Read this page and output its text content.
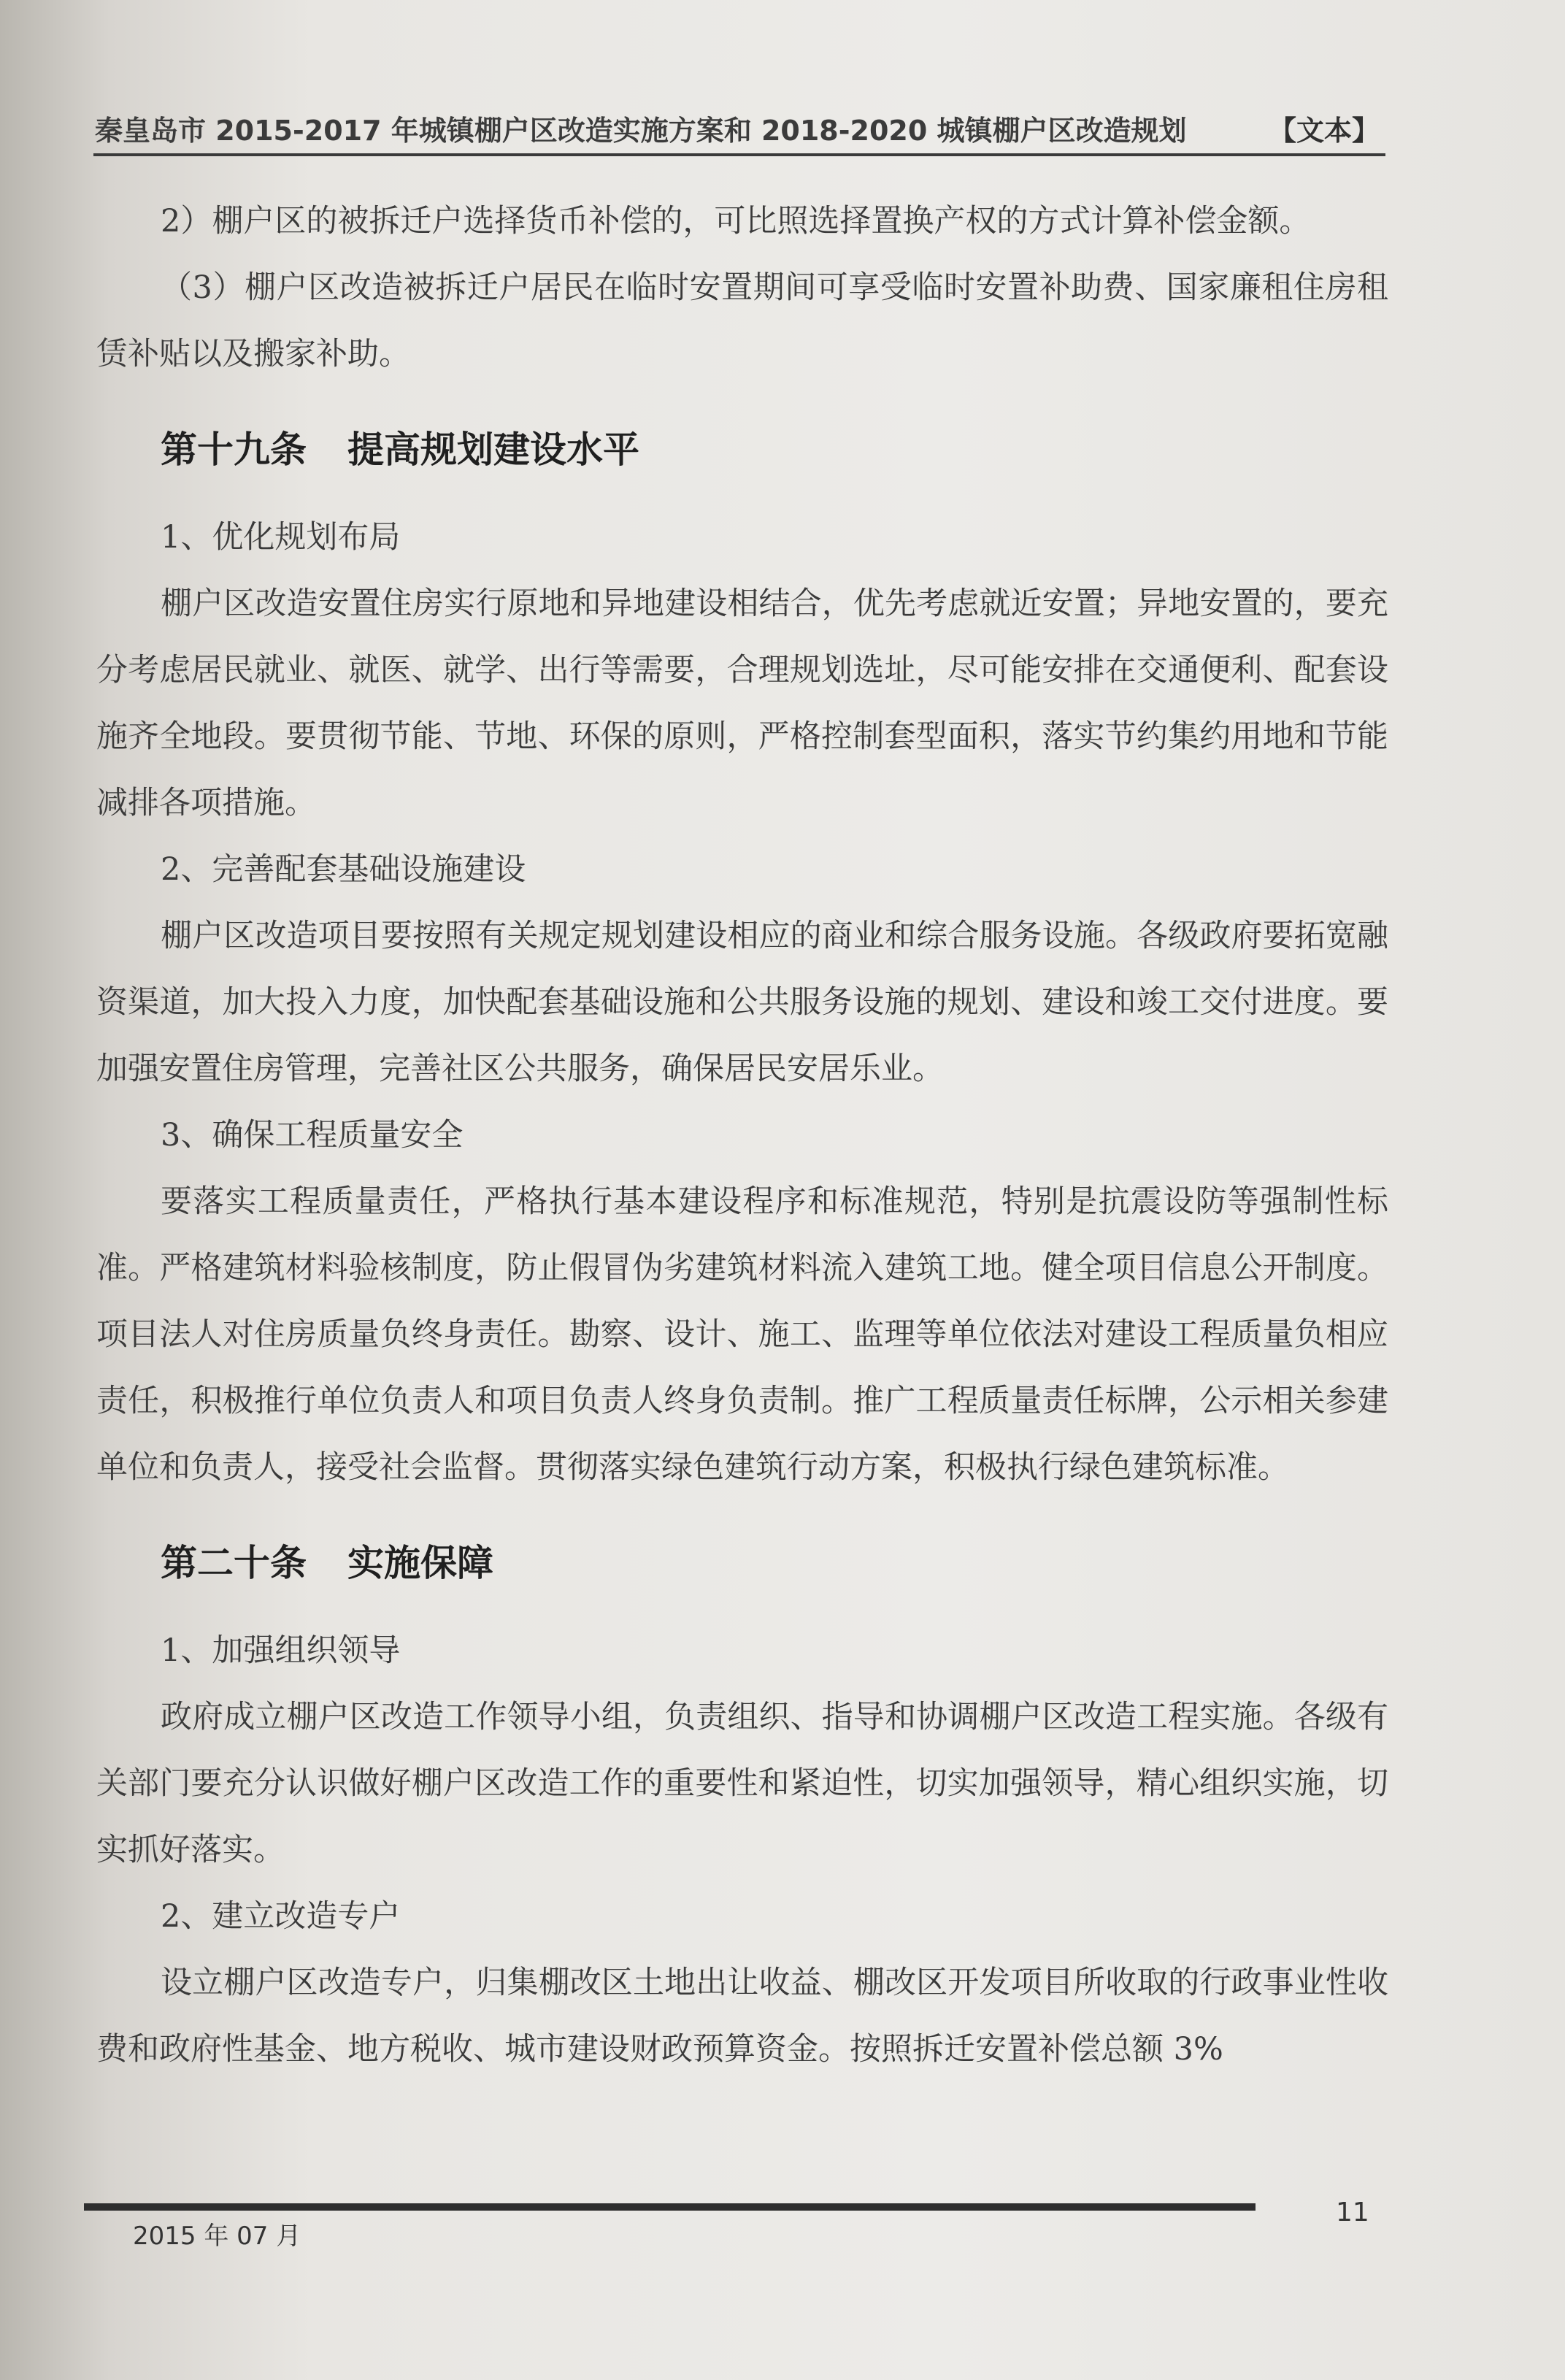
秦皇岛市 2015-2017 年城镇棚户区改造实施方案和 2018-2020 城镇棚户区改造规划	【文本】

2）棚户区的被拆迁户选择货币补偿的，可比照选择置换产权的方式计算补偿金额。

（3）棚户区改造被拆迁户居民在临时安置期间可享受临时安置补助费、国家廉租住房租赁补贴以及搬家补助。

第十九条 提高规划建设水平

1、优化规划布局

棚户区改造安置住房实行原地和异地建设相结合，优先考虑就近安置；异地安置的，要充分考虑居民就业、就医、就学、出行等需要，合理规划选址，尽可能安排在交通便利、配套设施齐全地段。要贯彻节能、节地、环保的原则，严格控制套型面积，落实节约集约用地和节能减排各项措施。

2、完善配套基础设施建设

棚户区改造项目要按照有关规定规划建设相应的商业和综合服务设施。各级政府要拓宽融资渠道，加大投入力度，加快配套基础设施和公共服务设施的规划、建设和竣工交付进度。要加强安置住房管理，完善社区公共服务，确保居民安居乐业。

3、确保工程质量安全

要落实工程质量责任，严格执行基本建设程序和标准规范，特别是抗震设防等强制性标准。严格建筑材料验核制度，防止假冒伪劣建筑材料流入建筑工地。健全项目信息公开制度。项目法人对住房质量负终身责任。勘察、设计、施工、监理等单位依法对建设工程质量负相应责任，积极推行单位负责人和项目负责人终身负责制。推广工程质量责任标牌，公示相关参建单位和负责人，接受社会监督。贯彻落实绿色建筑行动方案，积极执行绿色建筑标准。

第二十条 实施保障

1、加强组织领导

政府成立棚户区改造工作领导小组，负责组织、指导和协调棚户区改造工程实施。各级有关部门要充分认识做好棚户区改造工作的重要性和紧迫性，切实加强领导，精心组织实施，切实抓好落实。

2、建立改造专户

设立棚户区改造专户，归集棚改区土地出让收益、棚改区开发项目所收取的行政事业性收费和政府性基金、地方税收、城市建设财政预算资金。按照拆迁安置补偿总额 3%

2015 年 07 月
11
